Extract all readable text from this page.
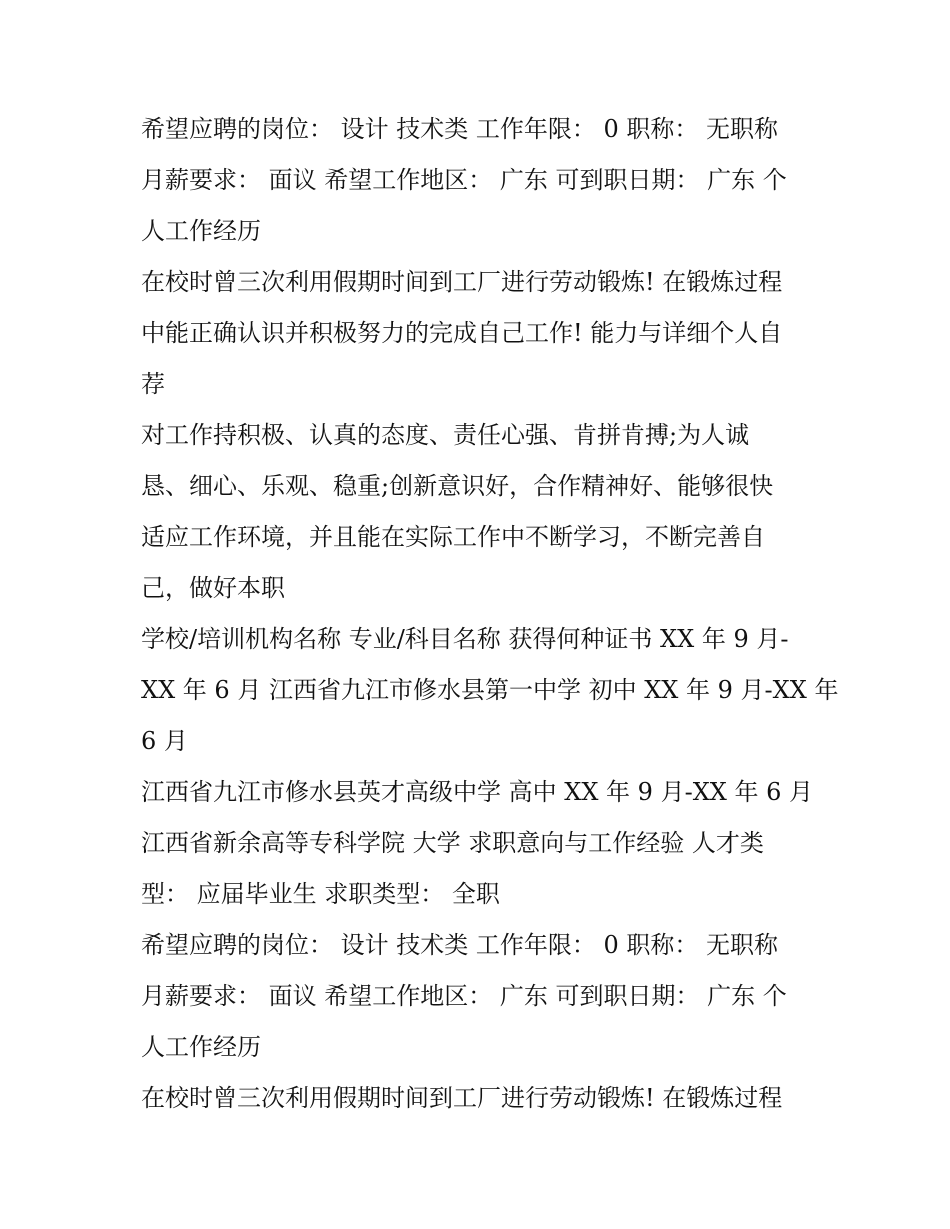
希望应聘的岗位： 设计 技术类 工作年限： 0 职称： 无职称
月薪要求： 面议 希望工作地区： 广东 可到职日期： 广东 个
人工作经历
在校时曾三次利用假期时间到工厂进行劳动锻炼! 在锻炼过程
中能正确认识并积极努力的完成自己工作! 能力与详细个人自
荐
对工作持积极、认真的态度、责任心强、肯拼肯搏;为人诚
恳、细心、乐观、稳重;创新意识好，合作精神好、能够很快
适应工作环境，并且能在实际工作中不断学习，不断完善自
己，做好本职
学校/培训机构名称 专业/科目名称 获得何种证书 XX 年 9 月-
XX 年 6 月 江西省九江市修水县第一中学 初中 XX 年 9 月-XX 年
6 月
江西省九江市修水县英才高级中学 高中 XX 年 9 月-XX 年 6 月
江西省新余高等专科学院 大学 求职意向与工作经验 人才类
型： 应届毕业生 求职类型： 全职
希望应聘的岗位： 设计 技术类 工作年限： 0 职称： 无职称
月薪要求： 面议 希望工作地区： 广东 可到职日期： 广东 个
人工作经历
在校时曾三次利用假期时间到工厂进行劳动锻炼! 在锻炼过程
